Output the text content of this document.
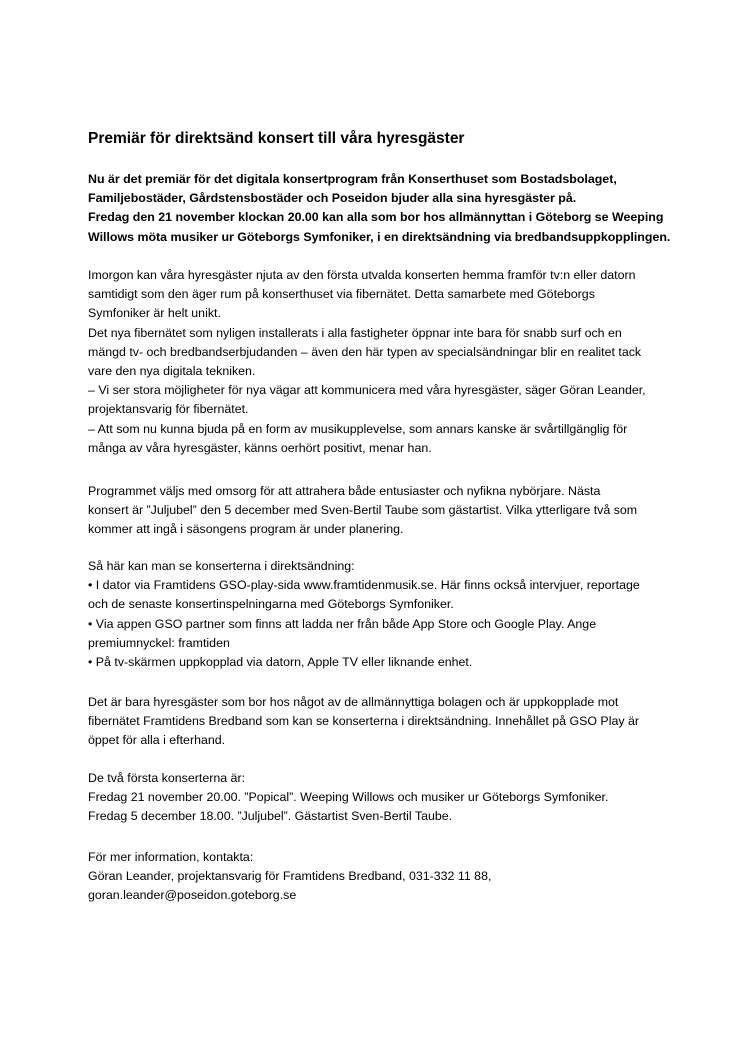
Premiär för direktsänd konsert till våra hyresgäster

Nu är det premiär för det digitala konsertprogram från Konserthuset som Bostadsbolaget,

Familjebostäder, Gårdstensbostäder och Poseidon bjuder alla sina hyresgäster på.

Fredag den 21 november klockan 20.00 kan alla som bor hos allmännyttan i Göteborg se Weeping

Willows möta musiker ur Göteborgs Symfoniker, i en direktsändning via bredbandsuppkopplingen.

Imorgon kan våra hyresgäster njuta av den första utvalda konserten hemma framför tv:n eller datorn

samtidigt som den äger rum på konserthuset via fibernätet. Detta samarbete med Göteborgs

Symfoniker är helt unikt.

Det nya fibernätet som nyligen installerats i alla fastigheter öppnar inte bara för snabb surf och en

mängd tv- och bredbandserbjudanden – även den här typen av specialsändningar blir en realitet tack

vare den nya digitala tekniken.

– Vi ser stora möjligheter för nya vägar att kommunicera med våra hyresgäster, säger Göran Leander,

projektansvarig för fibernätet.

– Att som nu kunna bjuda på en form av musikupplevelse, som annars kanske är svårtillgänglig för

många av våra hyresgäster, känns oerhört positivt, menar han.

Programmet väljs med omsorg för att attrahera både entusiaster och nyfikna nybörjare. Nästa

konsert är ”Juljubel” den 5 december med Sven-Bertil Taube som gästartist. Vilka ytterligare två som

kommer att ingå i säsongens program är under planering.

Så här kan man se konserterna i direktsändning:

• I dator via Framtidens GSO-play-sida www.framtidenmusik.se. Här finns också intervjuer, reportage

och de senaste konsertinspelningarna med Göteborgs Symfoniker.

• Via appen GSO partner som finns att ladda ner från både App Store och Google Play. Ange

premiumnyckel: framtiden

• På tv-skärmen uppkopplad via datorn, Apple TV eller liknande enhet.

Det är bara hyresgäster som bor hos något av de allmännyttiga bolagen och är uppkopplade mot

fibernätet Framtidens Bredband som kan se konserterna i direktsändning. Innehållet på GSO Play är

öppet för alla i efterhand.

De två första konserterna är:

Fredag 21 november 20.00. ”Popical”. Weeping Willows och musiker ur Göteborgs Symfoniker.

Fredag 5 december 18.00. ”Juljubel”. Gästartist Sven-Bertil Taube.

För mer information, kontakta:

Göran Leander, projektansvarig för Framtidens Bredband, 031-332 11 88,

goran.leander@poseidon.goteborg.se
